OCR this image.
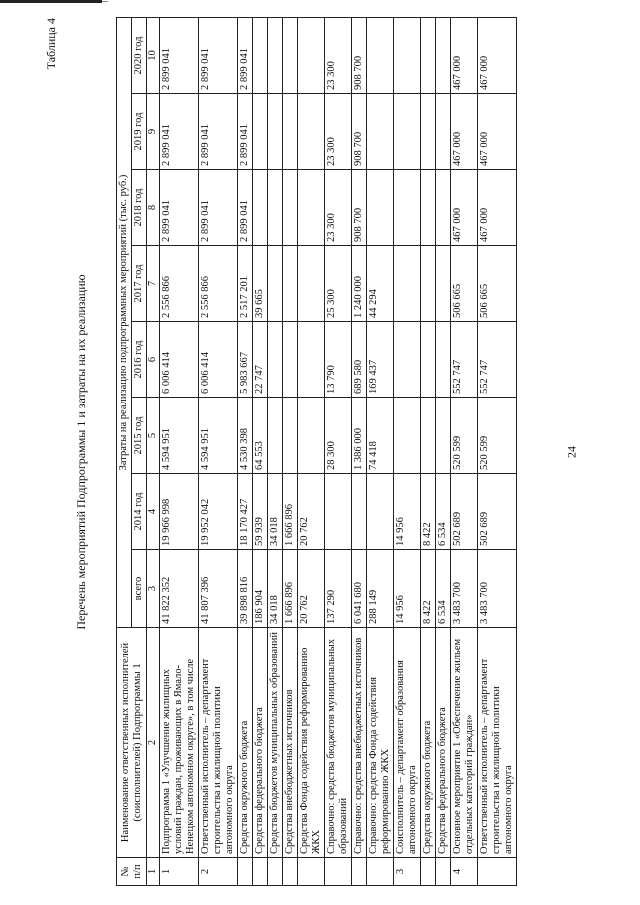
24
Таблица 4
Перечень мероприятий Подпрограммы 1 и затраты на их реализацию
№ п/п	Наименование ответственных исполнителей (соисполнителей) Подпрограммы 1	Затраты на реализацию подпрограммных мероприятий (тыс. руб.)							
		всего	2014 год	2015 год	2016 год	2017 год	2018 год	2019 год	2020 год
1	2	3	4	5	6	7	8	9	10
1	Подпрограмма 1 «Улучшение жилищных условий граждан, проживающих в Ямало-Ненецком автономном округе», в том числе	41 822 352	19 966 998	4 594 951	6 006 414	2 556 866	2 899 041	2 899 041	2 899 041
2	Ответственный исполнитель – департамент строительства и жилищной политики автономного округа	41 807 396	19 952 042	4 594 951	6 006 414	2 556 866	2 899 041	2 899 041	2 899 041
	Средства окружного бюджета	39 898 816	18 170 427	4 530 398	5 983 667	2 517 201	2 899 041	2 899 041	2 899 041
	Средства федерального бюджета	186 904	59 939	64 553	22 747	39 665			
	Средства бюджетов муниципальных образований	34 018	34 018						
	Средства внебюджетных источников	1 666 896	1 666 896						
	Средства Фонда содействия реформированию ЖКХ	20 762	20 762						
	Справочно: средства бюджетов муниципальных образований	137 290		28 300	13 790	25 300	23 300	23 300	23 300
	Справочно: средства внебюджетных источников	6 041 680		1 386 000	689 580	1 240 000	908 700	908 700	908 700
	Справочно: средства Фонда содействия реформированию ЖКХ	288 149		74 418	169 437	44 294			
3	Соисполнитель – департамент образования автономного округа	14 956	14 956						
	Средства окружного бюджета	8 422	8 422						
	Средства федерального бюджета	6 534	6 534						
4	Основное мероприятие 1 «Обеспечение жильем отдельных категорий граждан»	3 483 700	502 689	520 599	552 747	506 665	467 000	467 000	467 000
	Ответственный исполнитель – департамент строительства и жилищной политики автономного округа	3 483 700	502 689	520 599	552 747	506 665	467 000	467 000	467 000
